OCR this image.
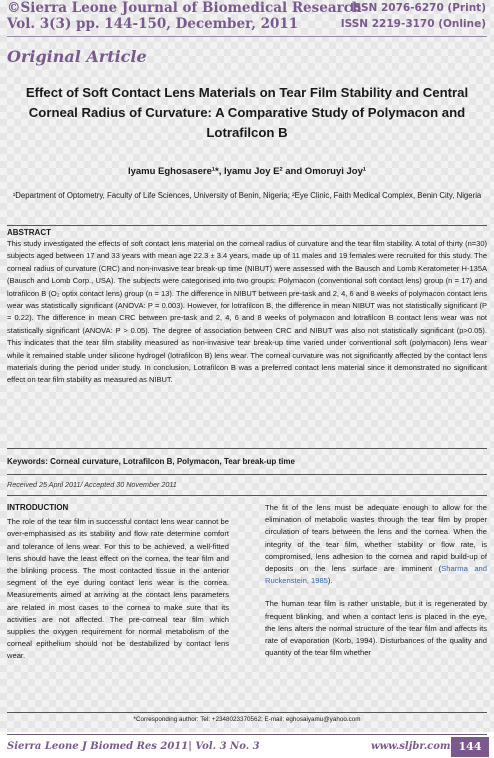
©Sierra Leone Journal of Biomedical Research
Vol. 3(3) pp. 144-150, December, 2011
ISSN 2076-6270 (Print)
ISSN 2219-3170 (Online)
Original Article
Effect of Soft Contact Lens Materials on Tear Film Stability and Central Corneal Radius of Curvature: A Comparative Study of Polymacon and Lotrafilcon B
Iyamu Eghosasere¹*, Iyamu Joy E² and Omoruyi Joy¹
¹Department of Optometry, Faculty of Life Sciences, University of Benin, Nigeria; ²Eye Clinic, Faith Medical Complex, Benin City, Nigeria
ABSTRACT
This study investigated the effects of soft contact lens material on the corneal radius of curvature and the tear film stability. A total of thirty (n=30) subjects aged between 17 and 33 years with mean age 22.3 ± 3.4 years, made up of 11 males and 19 females were recruited for this study. The corneal radius of curvature (CRC) and non-invasive tear break-up time (NIBUT) were assessed with the Bausch and Lomb Keratometer H-135A (Bausch and Lomb Corp., USA). The subjects were categorised into two groups: Polymacon (conventional soft contact lens) group (n = 17) and lotrafilcon B (O₂ optix contact lens) group (n = 13). The difference in NIBUT between pre-task and 2, 4, 6 and 8 weeks of polymacon contact lens wear was statistically significant (ANOVA: P = 0.003). However, for lotrafilcon B, the difference in mean NIBUT was not statistically significant (P = 0.22). The difference in mean CRC between pre-task and 2, 4, 6 and 8 weeks of polymacon and lotrafilcon B contact lens wear was not statistically significant (ANOVA: P > 0.05). The degree of association between CRC and NIBUT was also not statistically significant (p>0.05). This indicates that the tear film stability measured as non-invasive tear break-up time varied under conventional soft (polymacon) lens wear while it remained stable under silicone hydrogel (lotrafilcon B) lens wear. The corneal curvature was not significantly affected by the contact lens materials during the period under study. In conclusion, Lotrafilcon B was a preferred contact lens material since it demonstrated no significant effect on tear film stability as measured as NIBUT.
Keywords: Corneal curvature, Lotrafilcon B, Polymacon, Tear break-up time
Received 25 April 2011/ Accepted 30 November 2011
INTRODUCTION

The role of the tear film in successful contact lens wear cannot be over-emphasised as its stability and flow rate determine comfort and tolerance of lens wear. For this to be achieved, a well-fitted lens should have the least effect on the cornea, the tear film and the blinking process. The most contacted tissue in the anterior segment of the eye during contact lens wear is the cornea. Measurements aimed at arriving at the contact lens parameters are related in most cases to the cornea to make sure that its activities are not affected. The pre-corneal tear film which supplies the oxygen requirement for normal metabolism of the corneal epithelium should not be destabilized by contact lens wear.

The fit of the lens must be adequate enough to allow for the elimination of metabolic wastes through the tear film by proper circulation of tears between the lens and the cornea. When the integrity of the tear film, whether stability or flow rate, is compromised, lens adhesion to the cornea and rapid build-up of deposits on the lens surface are imminent (Sharma and Ruckenstein, 1985).

The human tear film is rather unstable, but it is regenerated by frequent blinking, and when a contact lens is placed in the eye, the lens alters the normal structure of the tear film and affects its rate of evaporation (Korb, 1994). Disturbances of the quality and quantity of the tear film whether

*Corresponding author: Tel: +2348023370562; E-mail: eghosaiyamu@yahoo.com
Sierra Leone J Biomed Res 2011| Vol. 3 No. 3	www.sljbr.com 144
